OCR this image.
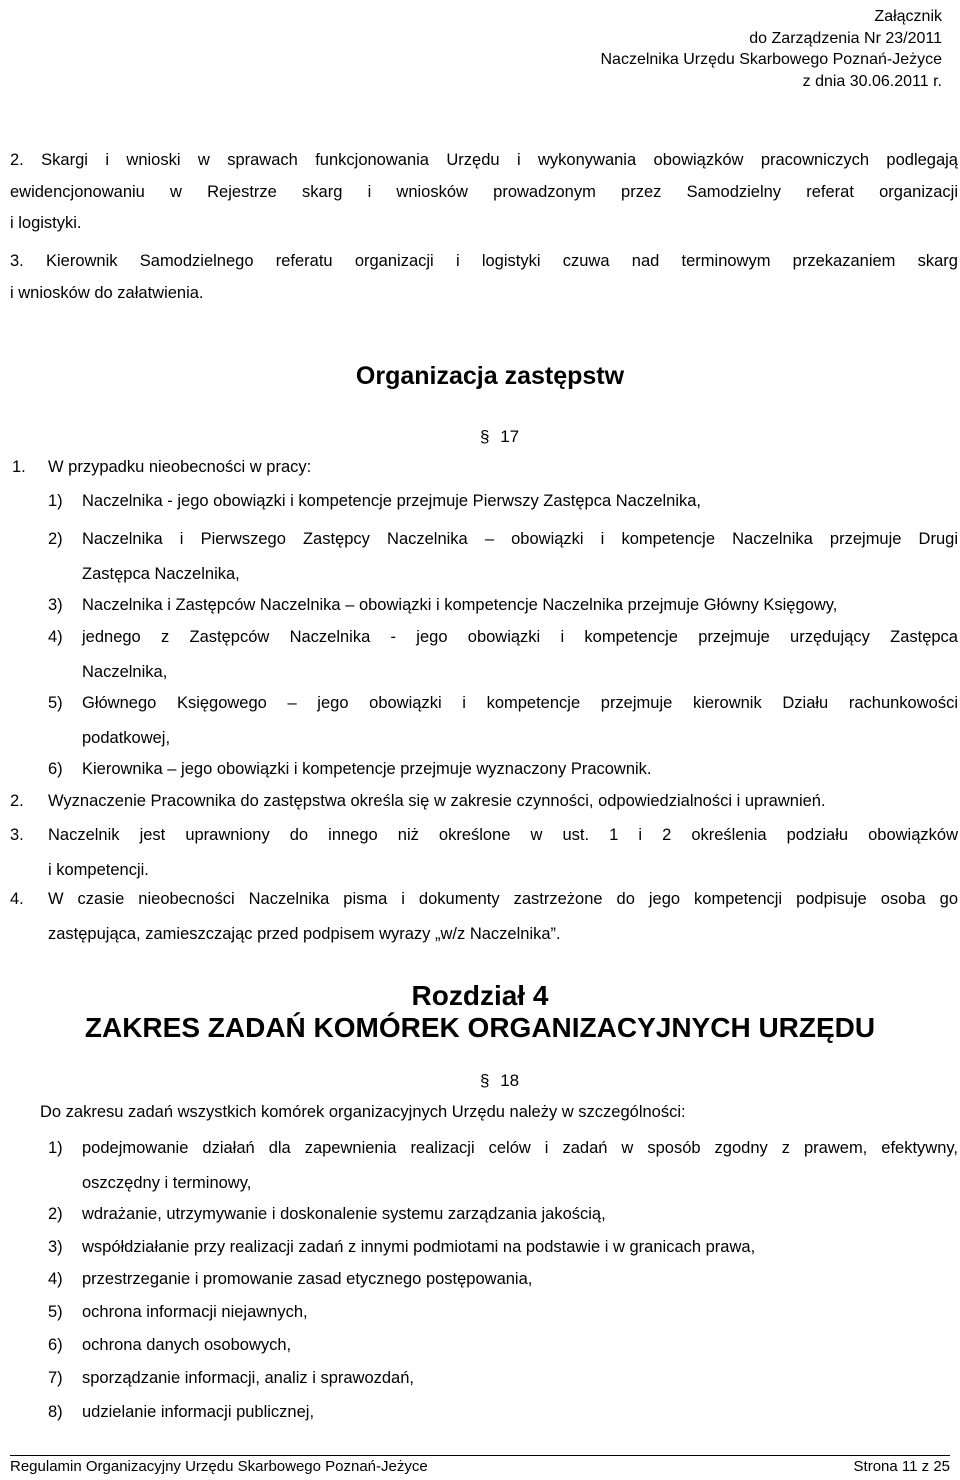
Załącznik
do Zarządzenia Nr 23/2011
Naczelnika Urzędu Skarbowego Poznań-Jeżyce
z dnia 30.06.2011 r.
2. Skargi i wnioski w sprawach funkcjonowania Urzędu i wykonywania obowiązków pracowniczych podlegają
ewidencjonowaniu w Rejestrze skarg i wniosków prowadzonym przez Samodzielny referat organizacji
i logistyki.
3. Kierownik Samodzielnego referatu organizacji i logistyki czuwa nad terminowym przekazaniem skarg
i wniosków do załatwienia.
Organizacja zastępstw
§ 17
1. W przypadku nieobecności w pracy:
1)	Naczelnika - jego obowiązki i kompetencje przejmuje Pierwszy Zastępca Naczelnika,
2)	Naczelnika i Pierwszego Zastępcy Naczelnika – obowiązki i kompetencje Naczelnika przejmuje Drugi
Zastępca Naczelnika,
3)	Naczelnika i Zastępców Naczelnika – obowiązki i kompetencje Naczelnika przejmuje Główny Księgowy,
4)	jednego z Zastępców Naczelnika - jego obowiązki i kompetencje przejmuje urzędujący Zastępca
Naczelnika,
5)	Głównego Księgowego – jego obowiązki i kompetencje przejmuje kierownik Działu rachunkowości
podatkowej,
6)	Kierownika – jego obowiązki i kompetencje przejmuje wyznaczony Pracownik.
2.	Wyznaczenie Pracownika do zastępstwa określa się w zakresie czynności, odpowiedzialności i uprawnień.
3.	Naczelnik jest uprawniony do innego niż określone w ust. 1 i 2 określenia podziału obowiązków
i kompetencji.
4.	W czasie nieobecności Naczelnika pisma i dokumenty zastrzeżone do jego kompetencji podpisuje osoba go
zastępująca, zamieszczając przed podpisem wyrazy „w/z Naczelnika”.
Rozdział 4
ZAKRES ZADAŃ KOMÓREK ORGANIZACYJNYCH URZĘDU
§ 18
Do zakresu zadań wszystkich komórek organizacyjnych Urzędu należy w szczególności:
1)	podejmowanie działań dla zapewnienia realizacji celów i zadań w sposób zgodny z prawem, efektywny,
oszczędny i terminowy,
2)	wdrażanie, utrzymywanie i doskonalenie systemu zarządzania jakością,
3)	współdziałanie przy realizacji zadań z innymi podmiotami na podstawie i w granicach prawa,
4)	przestrzeganie i promowanie zasad etycznego postępowania,
5)	ochrona informacji niejawnych,
6)	ochrona danych osobowych,
7)	sporządzanie informacji, analiz i sprawozdań,
8)	udzielanie informacji publicznej,
Regulamin Organizacyjny Urzędu Skarbowego Poznań-Jeżyce	Strona 11 z 25
